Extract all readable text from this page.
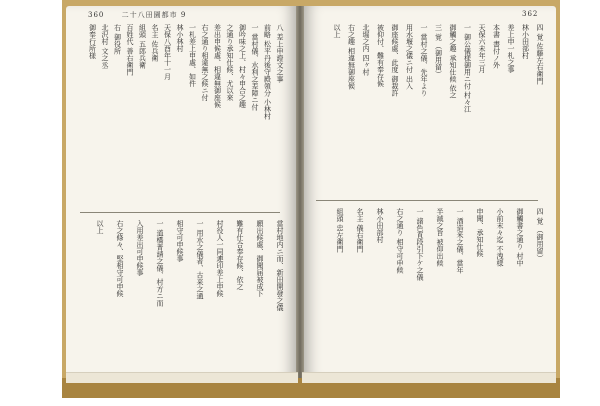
360 二十八田園都市 9	362
八 差上申證文之事
前略 松平丹後守殿領分 小林村
一 當村儀、水利之差障ニ付
御吟味之上、村々申合之趣
之通り承知仕候、尤以來
差出申候處、相違無御座候
右之通り相違無之候ニ付
一札差上申處、如件
林小林村
天保八酉年十一月
名主 佐兵衛
組頭 五郎兵衛
百姓代 善右衛門
右 御役所
北沢村 文之丞
御奉行所様
當村地内ニ而、新田開發之儀
願出候處、御聞届被成下
難有仕合奉存候、依之
村役人一同連印差上申候
一 用水之儀者、古来之通
相守可申候事
一 道橋普請之儀、村方ニ而
入用差出可申候事
右之條々、堅相守可申候
以上
四 覚 佐藤左右衛門
林小田部村
差上申一札之事
本書 書付ノ外
天保六未年三月
一 御公儀様御用ニ付 村々江
御觸之趣 承知仕候 依之
三 覚 （御用留）
一 當村之儀、先年より
用水堰之儀ニ付 出入
御座候處、此度 御裁許
被仰付、難有奉存候
北堀之内 四ヶ村
右之趣 相違無御座候
以上
四 覚 （御用留）
御觸書之通り 村中
小前末々迄 不洩様
申聞、承知仕候
一 酒造米之儀、當年
半減之旨 被仰出候
一 諸色直段引下ケ之儀
右之通り 相守可申候
林小田部村
名主 儀右衛門
組頭 忠左衛門
